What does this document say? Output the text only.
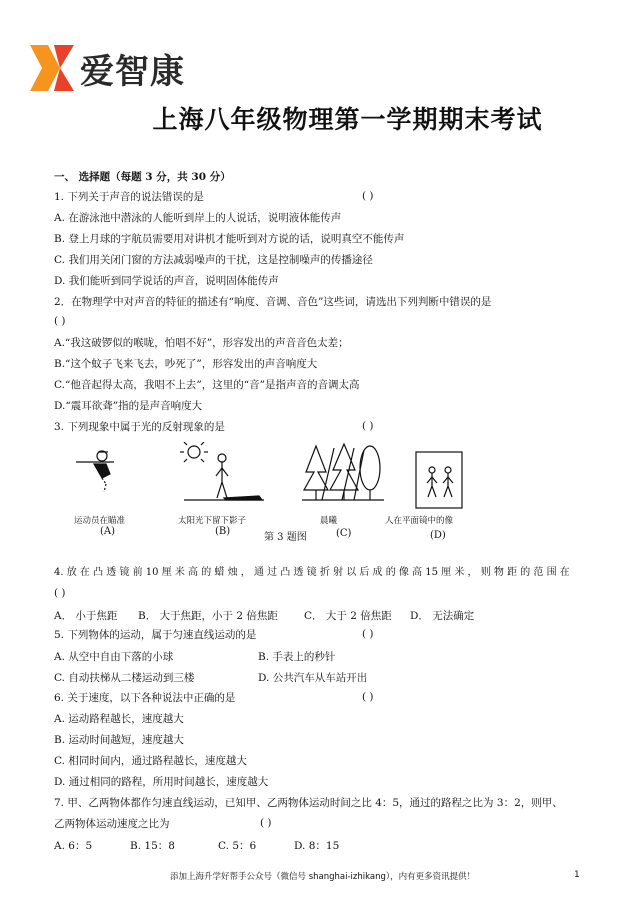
爱智康
上海八年级物理第一学期期末考试
一、 选择题（每题 3 分，共 30 分）
1. 下列关于声音的说法错误的是	( )
A. 在游泳池中潜泳的人能听到岸上的人说话，说明液体能传声
B. 登上月球的宇航员需要用对讲机才能听到对方说的话，说明真空不能传声
C. 我们用关闭门窗的方法减弱噪声的干扰，这是控制噪声的传播途径
D. 我们能听到同学说话的声音，说明固体能传声
2．在物理学中对声音的特征的描述有“响度、音调、音色”这些词，请选出下列判断中错误的是
( )
A.“我这破锣似的喉咙，怕唱不好”，形容发出的声音音色太差；
B.“这个蚊子飞来飞去，吵死了”，形容发出的声音响度大
C.“他音起得太高，我唱不上去”，这里的“音”是指声音的音调太高
D.“震耳欲聋”指的是声音响度大
3. 下列现象中属于光的反射现象的是	( )
运动员在瞄准	太阳光下留下影子
第 3 题图
晨曦	人在平面镜中的像
(A)	(B)	(C)	(D)
4. 放 在 凸 透 镜 前 10 厘 米 高 的 蜡 烛 ， 通 过 凸 透 镜 折 射 以 后 成 的 像 高 15 厘 米 ， 则 物 距 的 范 围 在
( )
A． 小于焦距 B． 大于焦距，小于 2 倍焦距 C． 大于 2 倍焦距 D． 无法确定
5. 下列物体的运动，属于匀速直线运动的是	( )
A. 从空中自由下落的小球	B. 手表上的秒针
C. 自动扶梯从二楼运动到三楼	D. 公共汽车从车站开出
6. 关于速度，以下各种说法中正确的是	( )
A. 运动路程越长，速度越大
B. 运动时间越短，速度越大
C. 相同时间内，通过路程越长，速度越大
D. 通过相同的路程，所用时间越长，速度越大
7. 甲、乙两物体都作匀速直线运动，已知甲、乙两物体运动时间之比 4：5，通过的路程之比为 3：2，则甲、
乙两物体运动速度之比为	( )
A. 6：5	B. 15：8	C. 5：6	D. 8：15
添加上海升学好帮手公众号（微信号 shanghai-izhikang），内有更多资讯提供！	1
